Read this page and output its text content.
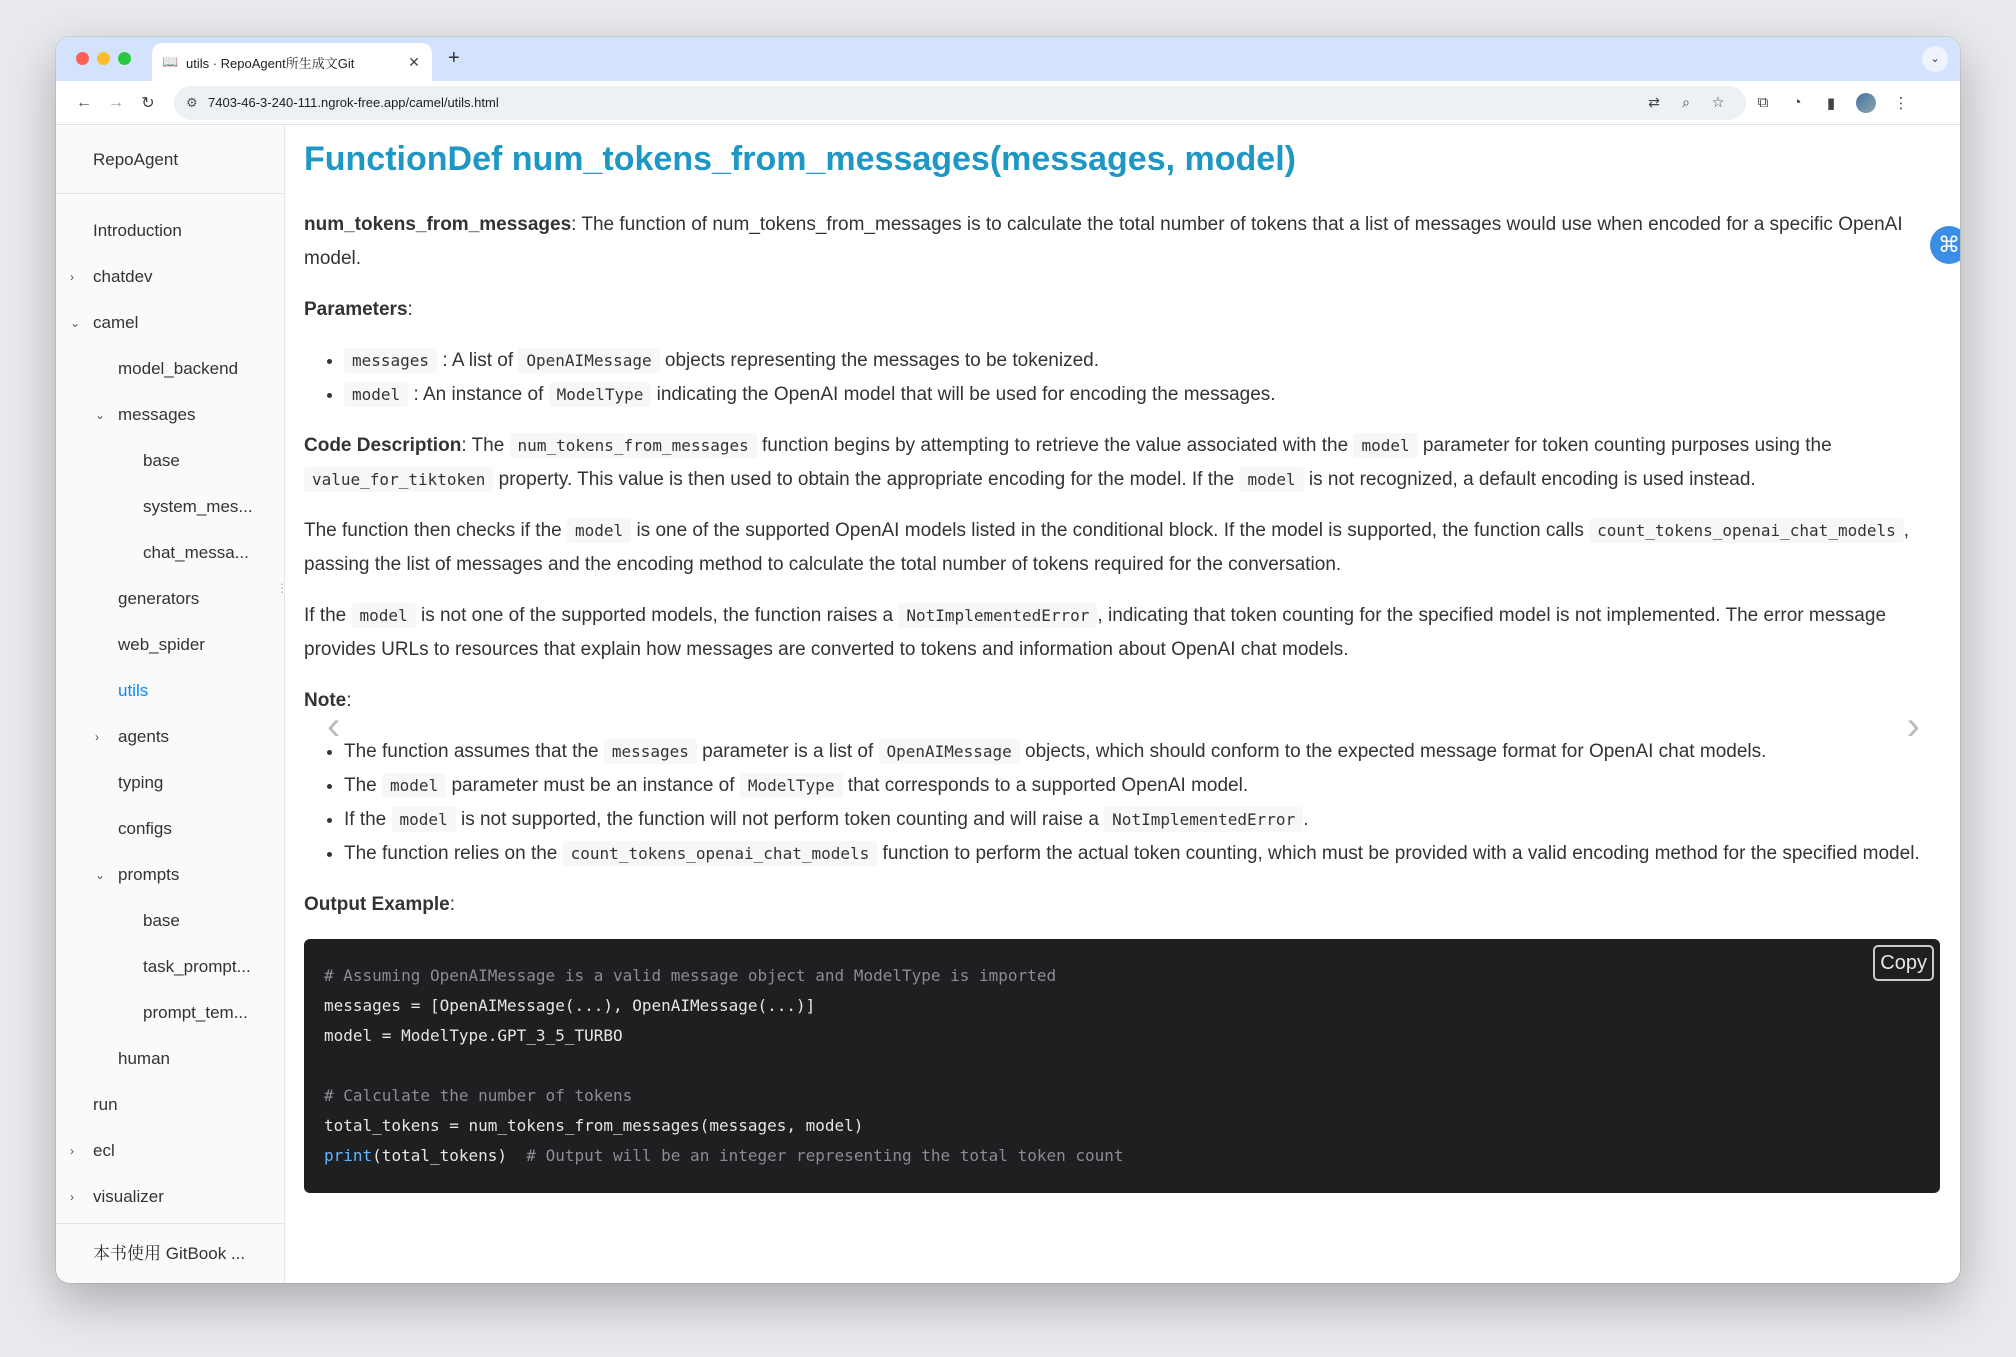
📖 utils · RepoAgent所生成文Git	✕ +	⌄
←	→	↻	⚙ 7403-46-3-240-111.ngrok-free.app/camel/utils.html	⇄	⌕	☆	⧉	◔	▮	⋮
RepoAgent
Introduction
› chatdev
⌄ camel
model_backend
⌄ messages
base
system_mes...
chat_messa...
generators
web_spider
utils
› agents
typing
configs
⌄ prompts
base
task_prompt...
prompt_tem...
human
run
› ecl
› visualizer
⋮
本书使用 GitBook ...
FunctionDef num_tokens_from_messages(messages, model)

num_tokens_from_messages: The function of num_tokens_from_messages is to calculate the total number of tokens that a list of messages would use when encoded for a specific OpenAI model.

Parameters:

• messages : A list of OpenAIMessage objects representing the messages to be tokenized.
• model : An instance of ModelType indicating the OpenAI model that will be used for encoding the messages.

Code Description: The num_tokens_from_messages function begins by attempting to retrieve the value associated with the model parameter for token counting purposes using the value_for_tiktoken property. This value is then used to obtain the appropriate encoding for the model. If the model is not recognized, a default encoding is used instead.

The function then checks if the model is one of the supported OpenAI models listed in the conditional block. If the model is supported, the function calls count_tokens_openai_chat_models , passing the list of messages and the encoding method to calculate the total number of tokens required for the conversation.

If the model is not one of the supported models, the function raises a NotImplementedError , indicating that token counting for the specified model is not implemented. The error message provides URLs to resources that explain how messages are converted to tokens and information about OpenAI chat models.

Note:

• The function assumes that the messages parameter is a list of OpenAIMessage objects, which should conform to the expected message format for OpenAI chat models.
• The model parameter must be an instance of ModelType that corresponds to a supported OpenAI model.
• If the model is not supported, the function will not perform token counting and will raise a NotImplementedError .
• The function relies on the count_tokens_openai_chat_models function to perform the actual token counting, which must be provided with a valid encoding method for the specified model.

Output Example:

Copy
# Assuming OpenAIMessage is a valid message object and ModelType is imported
messages = [OpenAIMessage(...), OpenAIMessage(...)]
model = ModelType.GPT_3_5_TURBO

# Calculate the number of tokens
total_tokens = num_tokens_from_messages(messages, model)
print(total_tokens)  # Output will be an integer representing the total token count
‹	›
⌘
